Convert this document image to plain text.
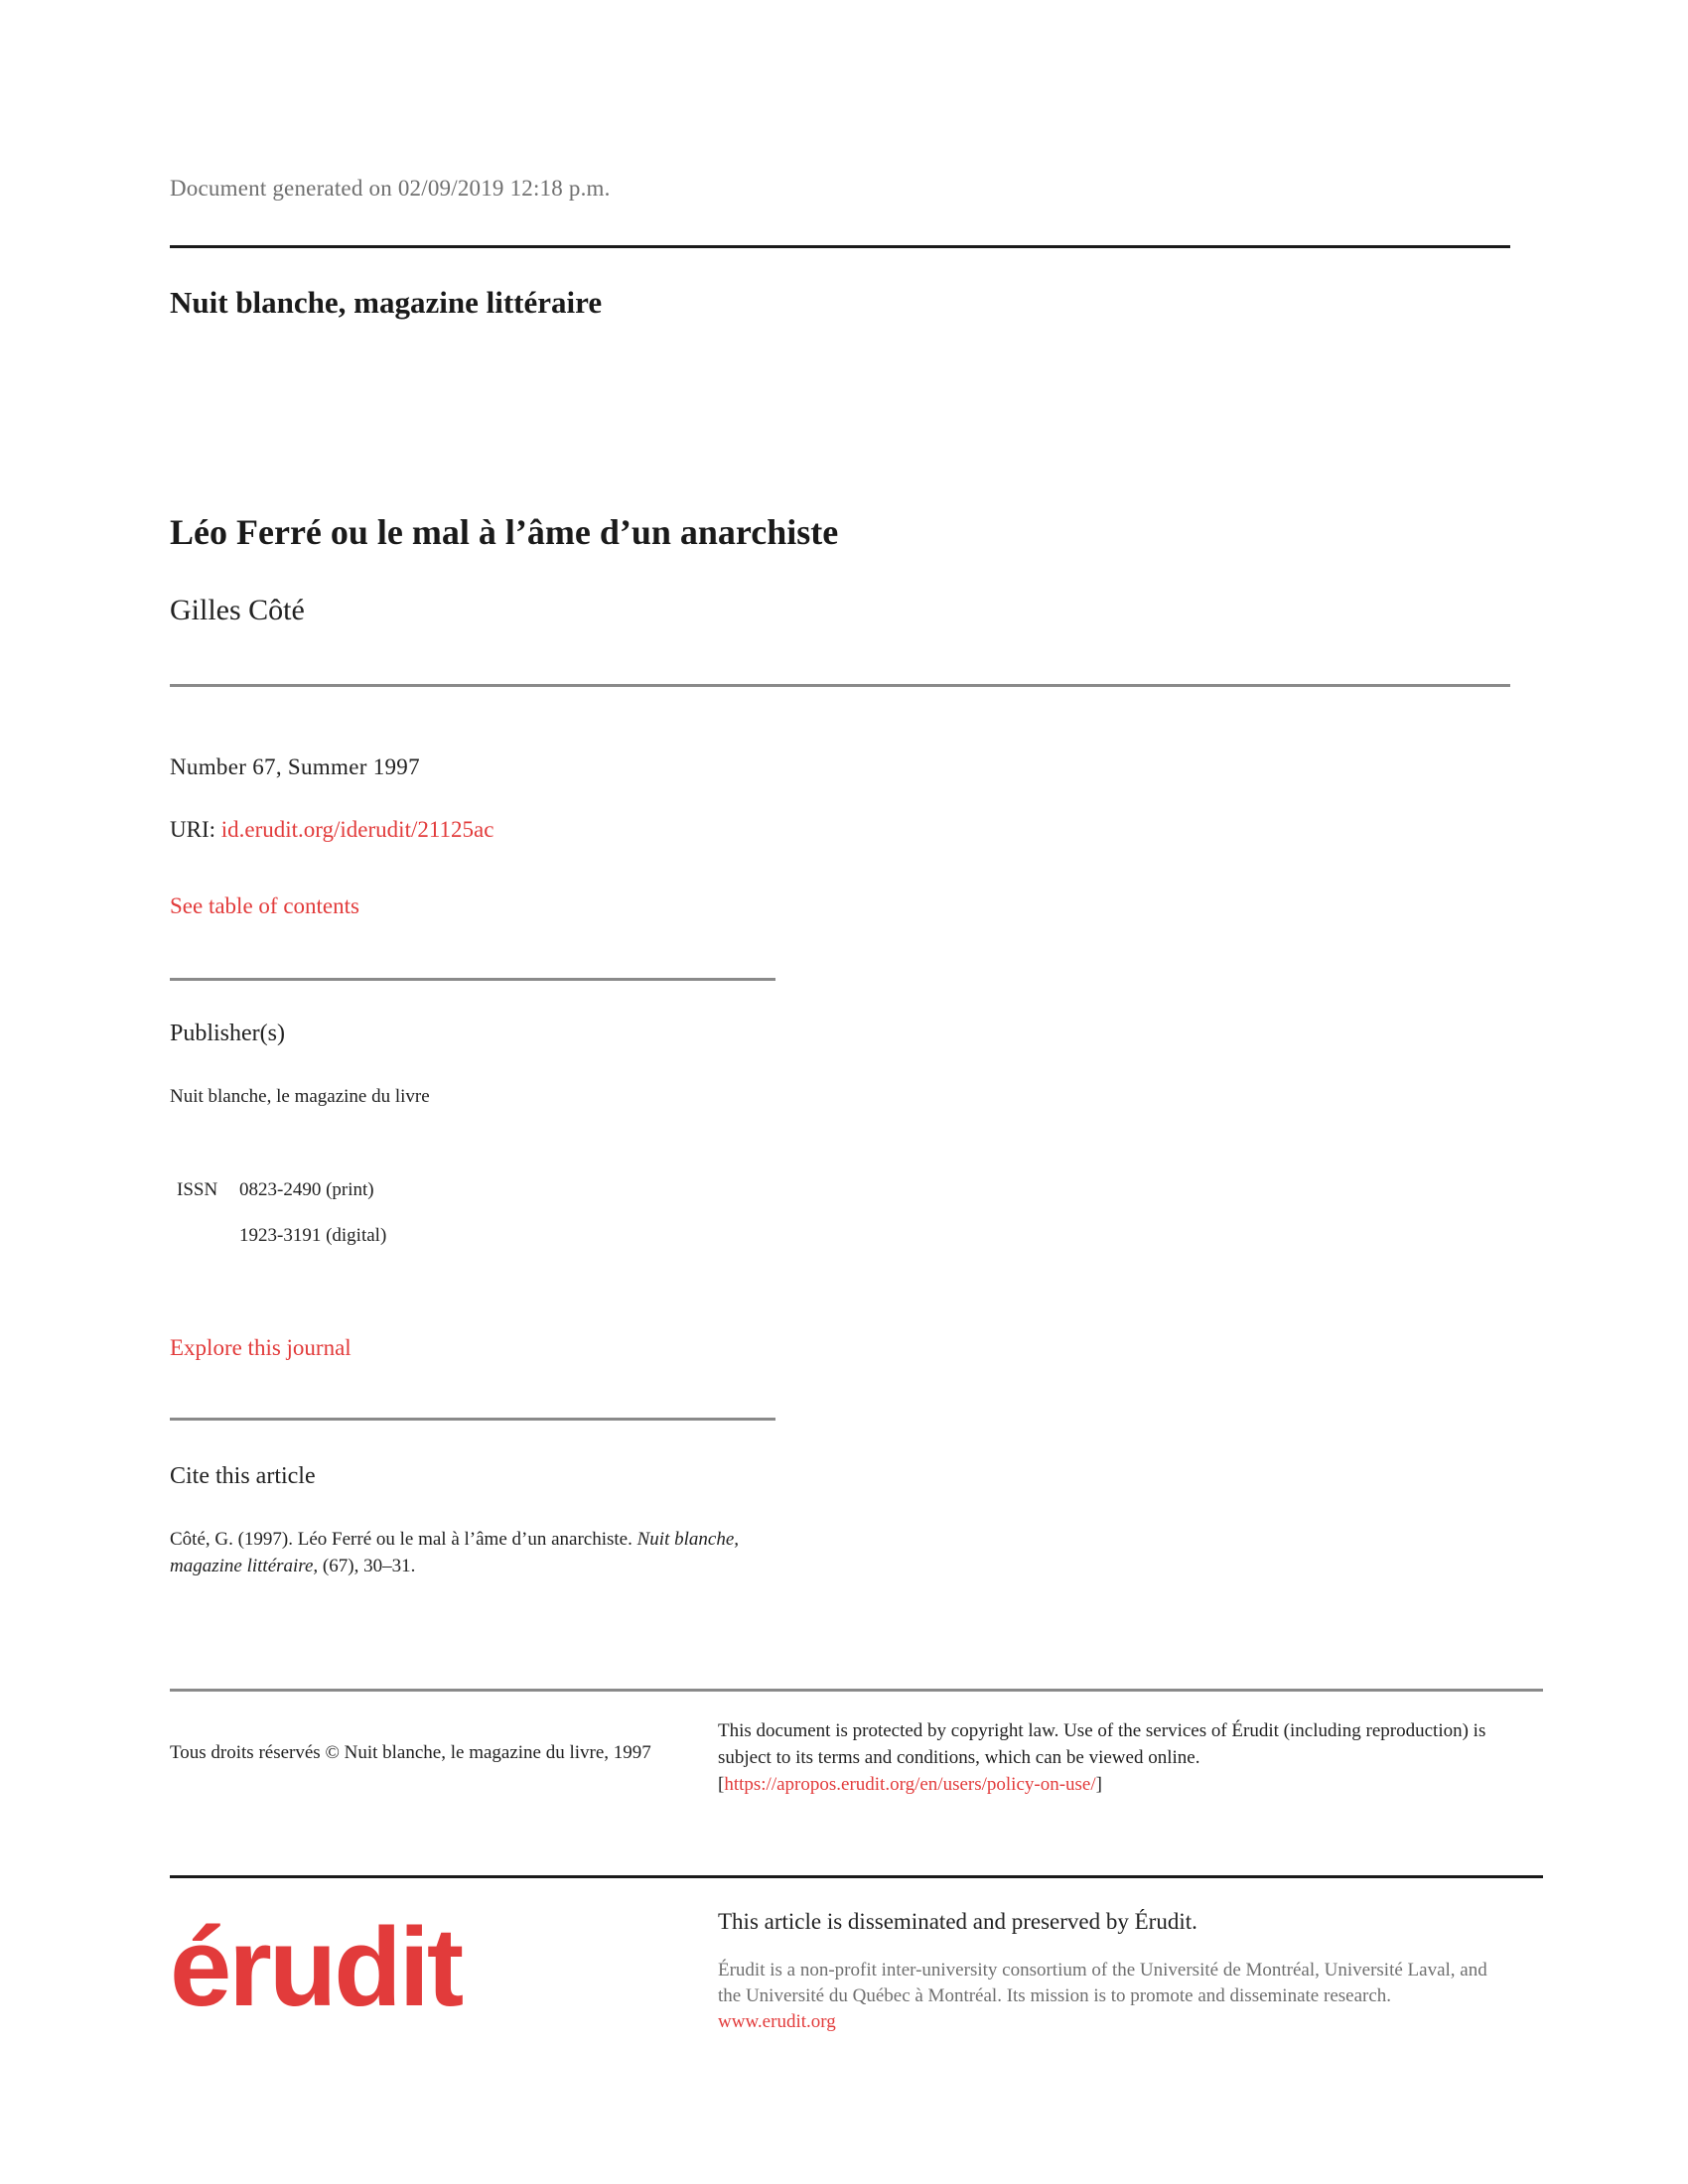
Document generated on 02/09/2019 12:18 p.m.
Nuit blanche, magazine littéraire
Léo Ferré ou le mal à l’âme d’un anarchiste
Gilles Côté
Number 67, Summer 1997
URI: id.erudit.org/iderudit/21125ac
See table of contents
Publisher(s)
Nuit blanche, le magazine du livre
ISSN 0823-2490 (print)
1923-3191 (digital)
Explore this journal
Cite this article
Côté, G. (1997). Léo Ferré ou le mal à l’âme d’un anarchiste. Nuit blanche, magazine littéraire, (67), 30–31.
Tous droits réservés © Nuit blanche, le magazine du livre, 1997
This document is protected by copyright law. Use of the services of Érudit (including reproduction) is subject to its terms and conditions, which can be viewed online. [https://apropos.erudit.org/en/users/policy-on-use/]
érudit	This article is disseminated and preserved by Érudit.
Érudit is a non-profit inter-university consortium of the Université de Montréal, Université Laval, and the Université du Québec à Montréal. Its mission is to promote and disseminate research. www.erudit.org
